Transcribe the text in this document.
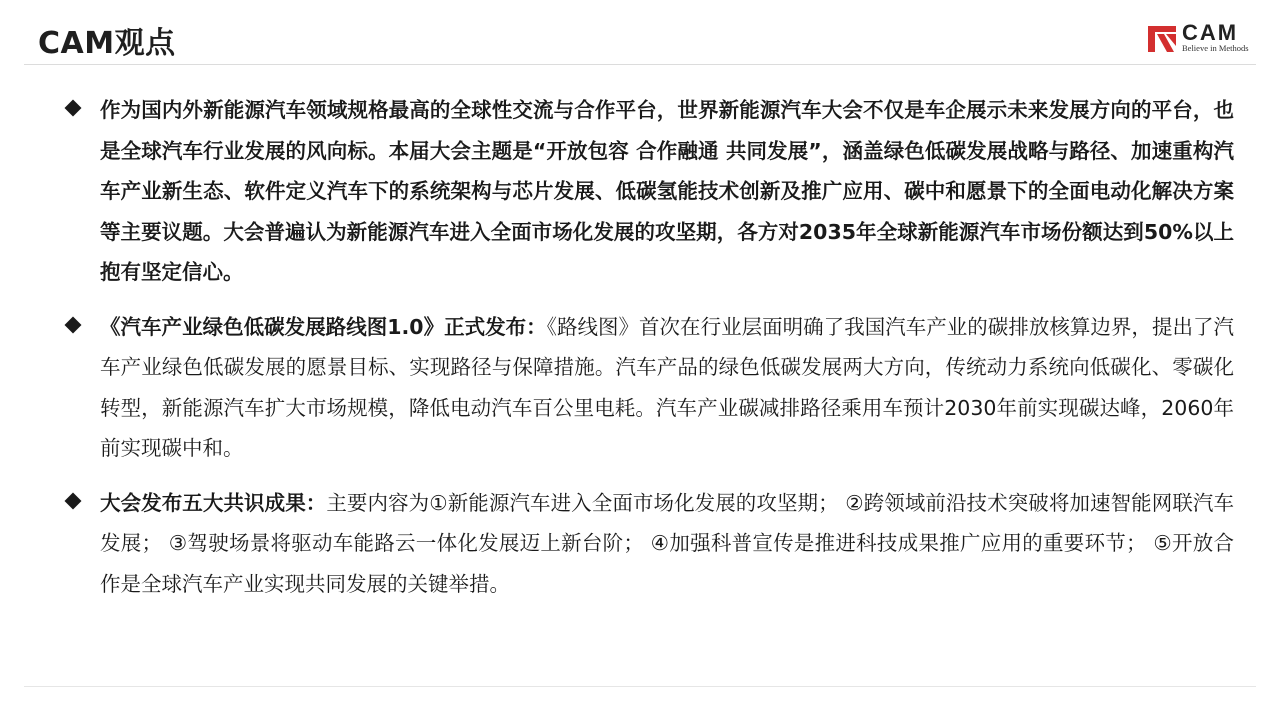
CAM观点	CAM
Believe in Methods
作为国内外新能源汽车领域规格最高的全球性交流与合作平台，世界新能源汽车大会不仅是车企展示未来发展方向的平台，也是全球汽车行业发展的风向标。本届大会主题是“开放包容 合作融通 共同发展”，涵盖绿色低碳发展战略与路径、加速重构汽车产业新生态、软件定义汽车下的系统架构与芯片发展、低碳氢能技术创新及推广应用、碳中和愿景下的全面电动化解决方案等主要议题。大会普遍认为新能源汽车进入全面市场化发展的攻坚期，各方对2035年全球新能源汽车市场份额达到50%以上抱有坚定信心。
《汽车产业绿色低碳发展路线图1.0》正式发布：《路线图》首次在行业层面明确了我国汽车产业的碳排放核算边界，提出了汽车产业绿色低碳发展的愿景目标、实现路径与保障措施。汽车产品的绿色低碳发展两大方向，传统动力系统向低碳化、零碳化转型，新能源汽车扩大市场规模，降低电动汽车百公里电耗。汽车产业碳减排路径乘用车预计2030年前实现碳达峰，2060年前实现碳中和。
大会发布五大共识成果：主要内容为①新能源汽车进入全面市场化发展的攻坚期； ②跨领域前沿技术突破将加速智能网联汽车发展； ③驾驶场景将驱动车能路云一体化发展迈上新台阶； ④加强科普宣传是推进科技成果推广应用的重要环节； ⑤开放合作是全球汽车产业实现共同发展的关键举措。
